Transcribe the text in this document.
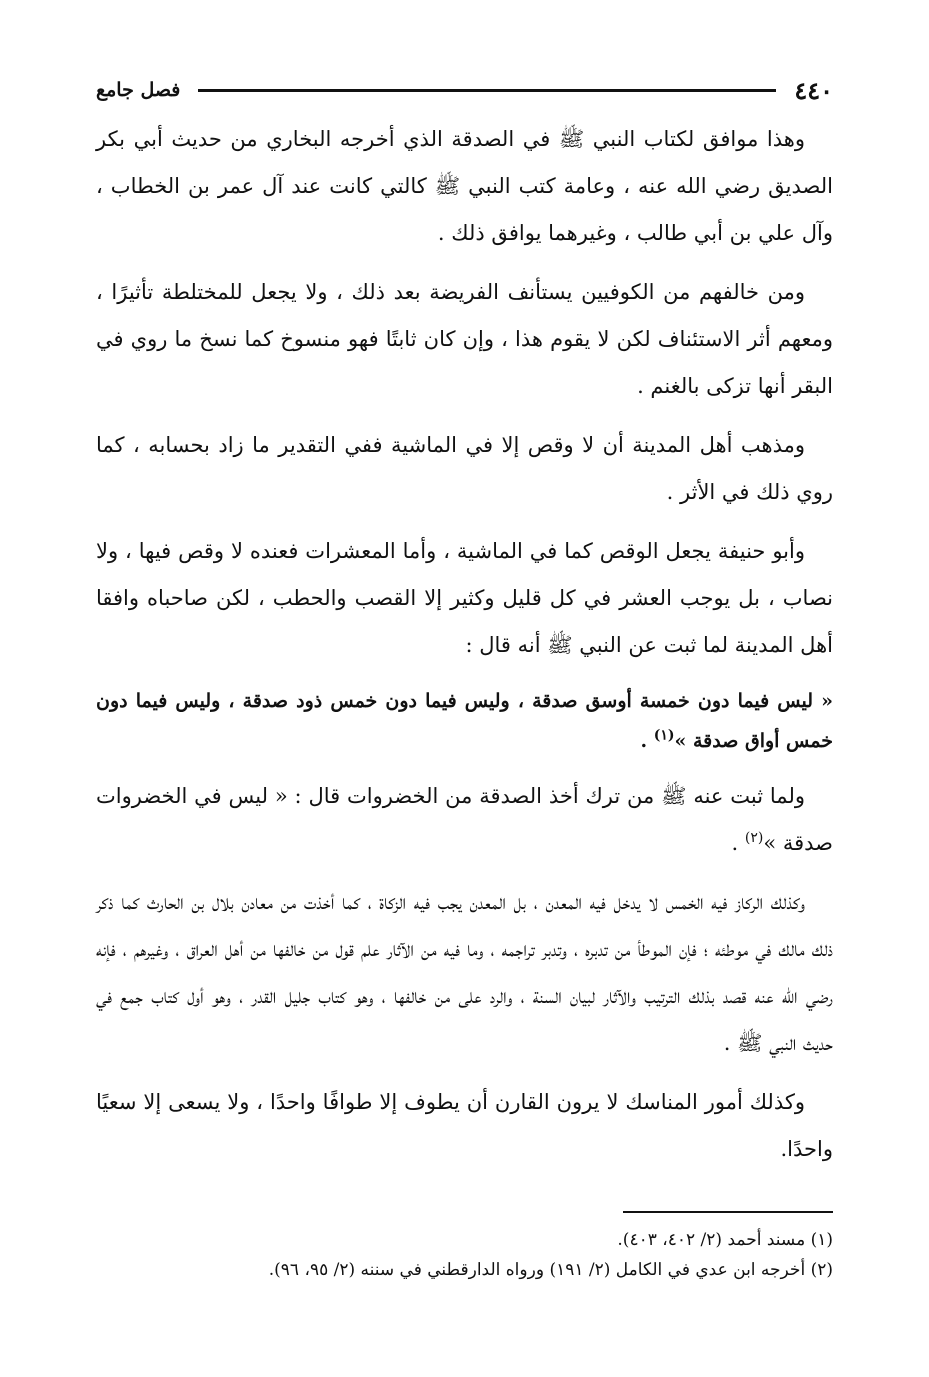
٤٤٠
فصل جامع

وهذا موافق لكتاب النبي ﷺ في الصدقة الذي أخرجه البخاري من حديث أبي بكر الصديق رضي الله عنه ، وعامة كتب النبي ﷺ كالتي كانت عند آل عمر بن الخطاب ، وآل علي بن أبي طالب ، وغيرهما يوافق ذلك .

ومن خالفهم من الكوفيين يستأنف الفريضة بعد ذلك ، ولا يجعل للمختلطة تأثيرًا ، ومعهم أثر الاستئناف لكن لا يقوم هذا ، وإن كان ثابتًا فهو منسوخ كما نسخ ما روي في البقر أنها تزكى بالغنم .

ومذهب أهل المدينة أن لا وقص إلا في الماشية ففي التقدير ما زاد بحسابه ، كما روي ذلك في الأثر .

وأبو حنيفة يجعل الوقص كما في الماشية ، وأما المعشرات فعنده لا وقص فيها ، ولا نصاب ، بل يوجب العشر في كل قليل وكثير إلا القصب والحطب ، لكن صاحباه وافقا أهل المدينة لما ثبت عن النبي ﷺ أنه قال :

« ليس فيما دون خمسة أوسق صدقة ، وليس فيما دون خمس ذود صدقة ، وليس فيما دون خمس أواق صدقة »$^{(١)}$ .

ولما ثبت عنه ﷺ من ترك أخذ الصدقة من الخضروات قال : « ليس في الخضروات صدقة »$^{(٢)}$ .

وكذلك الركاز فيه الخمس لا يدخل فيه المعدن ، بل المعدن يجب فيه الزكاة ، كما أخذت من معادن بلال بن الحارث كما ذكر ذلك مالك في موطئه ؛ فإن الموطأ من تدبره ، وتدبر تراجمه ، وما فيه من الآثار علم قول من خالفها من أهل العراق ، وغيرهم ، فإنه رضي الله عنه قصد بذلك الترتيب والآثار لبيان السنة ، والرد على من خالفها ، وهو كتاب جليل القدر ، وهو أول كتاب جمع في حديث النبي ﷺ .

وكذلك أمور المناسك لا يرون القارن أن يطوف إلا طوافًا واحدًا ، ولا يسعى إلا سعيًا واحدًا.

(١) مسند أحمد (٢/ ٤٠٢، ٤٠٣).

(٢) أخرجه ابن عدي في الكامل (٢/ ١٩١) ورواه الدارقطني في سننه (٢/ ٩٥، ٩٦).
